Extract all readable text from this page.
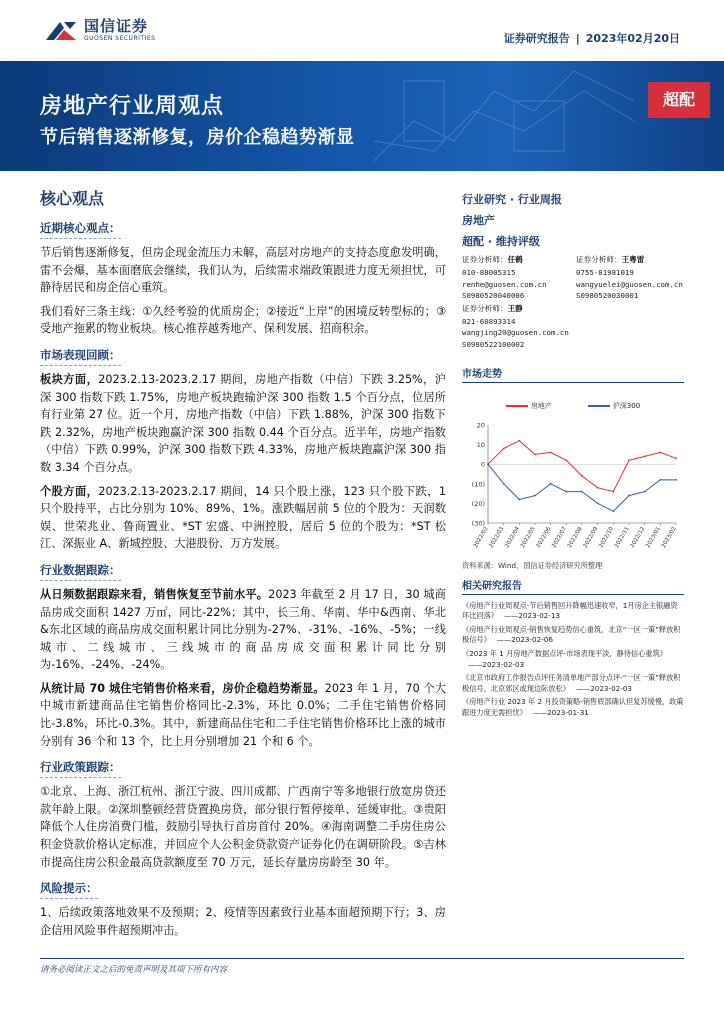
国信证券
GUOSEN SECURITIES	证券研究报告 | 2023年02月20日
房地产行业周观点
节后销售逐渐修复，房价企稳趋势渐显
超配
核心观点
近期核心观点：

节后销售逐渐修复，但房企现金流压力未解，高层对房地产的支持态度愈发明确，雷不会爆，基本面磨底会继续，我们认为，后续需求端政策跟进力度无须担忧，可静待居民和房企信心重筑。
我们看好三条主线：①久经考验的优质房企；②接近“上岸”的困境反转型标的；③受地产拖累的物业板块。核心推荐越秀地产、保利发展、招商积余。
市场表现回顾：

板块方面，2023.2.13-2023.2.17 期间，房地产指数（中信）下跌 3.25%，沪深 300 指数下跌 1.75%，房地产板块跑输沪深 300 指数 1.5 个百分点，位居所有行业第 27 位。近一个月，房地产指数（中信）下跌 1.88%，沪深 300 指数下跌 2.32%，房地产板块跑赢沪深 300 指数 0.44 个百分点。近半年，房地产指数（中信）下跌 0.99%，沪深 300 指数下跌 4.33%，房地产板块跑赢沪深 300 指数 3.34 个百分点。
个股方面，2023.2.13-2023.2.17 期间，14 只个股上涨，123 只个股下跌，1 只个股持平，占比分别为 10%、89%、1%。涨跌幅居前 5 位的个股为：天润数娱、世荣兆业、鲁商置业、*ST 宏盛、中洲控股，居后 5 位的个股为：*ST 松江、深振业 A、新城控股、大港股份、万方发展。
行业数据跟踪：

从日频数据跟踪来看，销售恢复至节前水平。2023 年截至 2 月 17 日，30 城商品房成交面积 1427 万㎡，同比-22%；其中，长三角、华南、华中&西南、华北&东北区域的商品房成交面积累计同比分别为-27%、-31%、-16%、-5%；一线城市、二线城市、三线城市的商品房成交面积累计同比分别为-16%、-24%、-24%。
从统计局 70 城住宅销售价格来看，房价企稳趋势渐显。2023 年 1 月，70 个大中城市新建商品住宅销售价格同比-2.3%，环比 0.0%；二手住宅销售价格同比-3.8%，环比-0.3%。其中，新建商品住宅和二手住宅销售价格环比上涨的城市分别有 36 个和 13 个，比上月分别增加 21 个和 6 个。
行业政策跟踪：

①北京、上海、浙江杭州、浙江宁波、四川成都、广西南宁等多地银行放宽房贷还款年龄上限。②深圳整顿经营贷置换房贷，部分银行暂停接单、延缓审批。③贵阳降低个人住房消费门槛，鼓励引导执行首房首付 20%。④海南调整二手房住房公积金贷款价格认定标准，并回应个人公积金贷款资产证券化仍在调研阶段。⑤吉林市提高住房公积金最高贷款额度至 70 万元，延长存量房房龄至 30 年。
风险提示：

1、后续政策落地效果不及预期；2、疫情等因素致行业基本面超预期下行；3、房企信用风险事件超预期冲击。
行业研究 · 行业周报
房地产
超配 · 维持评级
证券分析师：任鹤
010-88005315
renhe@guosen.com.cn
S0980520040006
证券分析师：王静
021-60893314
wangjing20@guosen.com.cn
S0980522100002
证券分析师：王粤雷
0755-81981019
wangyuelei@guosen.com.cn
S0980520030001
市场走势
房地产	沪深300
20
10
0
(10)
(20)
(30)
2022/02
2022/03
2022/04
2022/05
2022/06
2022/07
2022/08
2022/09
2022/10
2022/11
2022/12
2023/01
2023/02
资料来源：Wind、国信证券经济研究所整理
相关研究报告
《房地产行业周观点-节后销售回升降幅迅速收窄，1月房企主银融资环比回落》 ——2023-02-13
《房地产行业周观点-销售恢复趋势信心重筑，北京“一区一策”释放积极信号》 ——2023-02-06
《2023 年 1 月房地产数据点评-市场表现平淡，静待信心重筑》——2023-02-03
《北京市政府工作报告点评任务清单地产部分点评-“一区一策”释放积极信号，北京郊区或现边际放松》 ——2023-02-03
《房地产行业 2023 年 2 月投资策略-销售底部确认但复苏缓慢，政策跟进力度无需担忧》 ——2023-01-31
请务必阅读正文之后的免责声明及其项下所有内容
